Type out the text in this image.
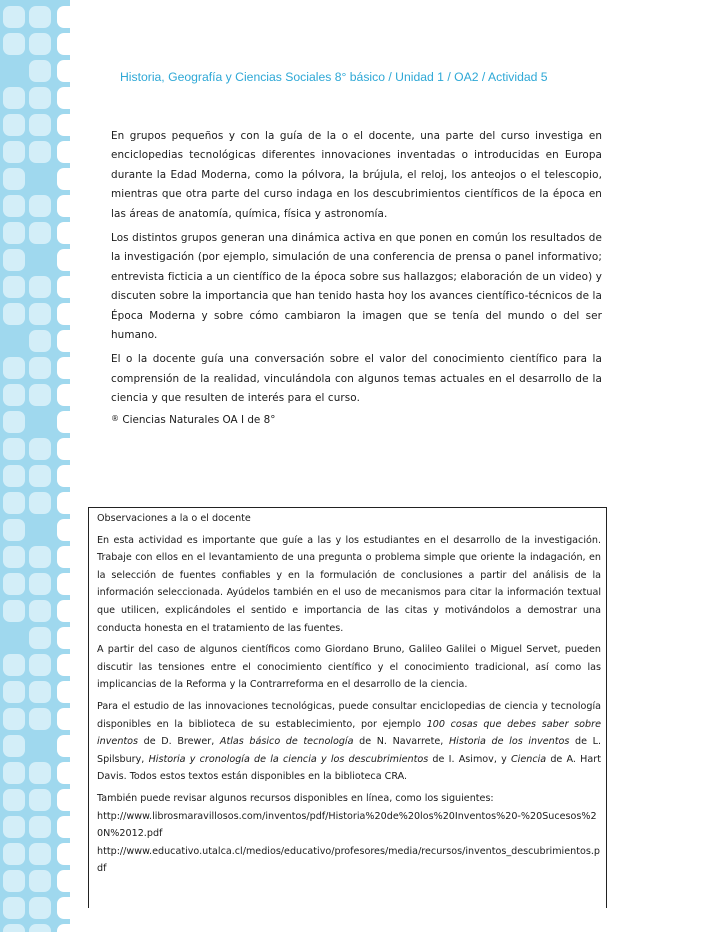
Historia, Geografía y Ciencias Sociales 8° básico / Unidad 1 / OA2 / Actividad 5

En grupos pequeños y con la guía de la o el docente, una parte del curso investiga en enciclopedias tecnológicas diferentes innovaciones inventadas o introducidas en Europa durante la Edad Moderna, como la pólvora, la brújula, el reloj, los anteojos o el telescopio, mientras que otra parte del curso indaga en los descubrimientos científicos de la época en las áreas de anatomía, química, física y astronomía.

Los distintos grupos generan una dinámica activa en que ponen en común los resultados de la investigación (por ejemplo, simulación de una conferencia de prensa o panel informativo; entrevista ficticia a un científico de la época sobre sus hallazgos; elaboración de un video) y discuten sobre la importancia que han tenido hasta hoy los avances científico-técnicos de la Época Moderna y sobre cómo cambiaron la imagen que se tenía del mundo o del ser humano.

El o la docente guía una conversación sobre el valor del conocimiento científico para la comprensión de la realidad, vinculándola con algunos temas actuales en el desarrollo de la ciencia y que resulten de interés para el curso.

® Ciencias Naturales OA I de 8°

Observaciones a la o el docente

En esta actividad es importante que guíe a las y los estudiantes en el desarrollo de la investigación. Trabaje con ellos en el levantamiento de una pregunta o problema simple que oriente la indagación, en la selección de fuentes confiables y en la formulación de conclusiones a partir del análisis de la información seleccionada. Ayúdelos también en el uso de mecanismos para citar la información textual que utilicen, explicándoles el sentido e importancia de las citas y motivándolos a demostrar una conducta honesta en el tratamiento de las fuentes.

A partir del caso de algunos científicos como Giordano Bruno, Galileo Galilei o Miguel Servet, pueden discutir las tensiones entre el conocimiento científico y el conocimiento tradicional, así como las implicancias de la Reforma y la Contrarreforma en el desarrollo de la ciencia.

Para el estudio de las innovaciones tecnológicas, puede consultar enciclopedias de ciencia y tecnología disponibles en la biblioteca de su establecimiento, por ejemplo 100 cosas que debes saber sobre inventos de D. Brewer, Atlas básico de tecnología de N. Navarrete, Historia de los inventos de L. Spilsbury, Historia y cronología de la ciencia y los descubrimientos de I. Asimov, y Ciencia de A. Hart Davis. Todos estos textos están disponibles en la biblioteca CRA.

También puede revisar algunos recursos disponibles en línea, como los siguientes:

http://www.librosmaravillosos.com/inventos/pdf/Historia%20de%20los%20Inventos%20-%20Sucesos%20N%2012.pdf
http://www.educativo.utalca.cl/medios/educativo/profesores/media/recursos/inventos_descubrimientos.pdf
